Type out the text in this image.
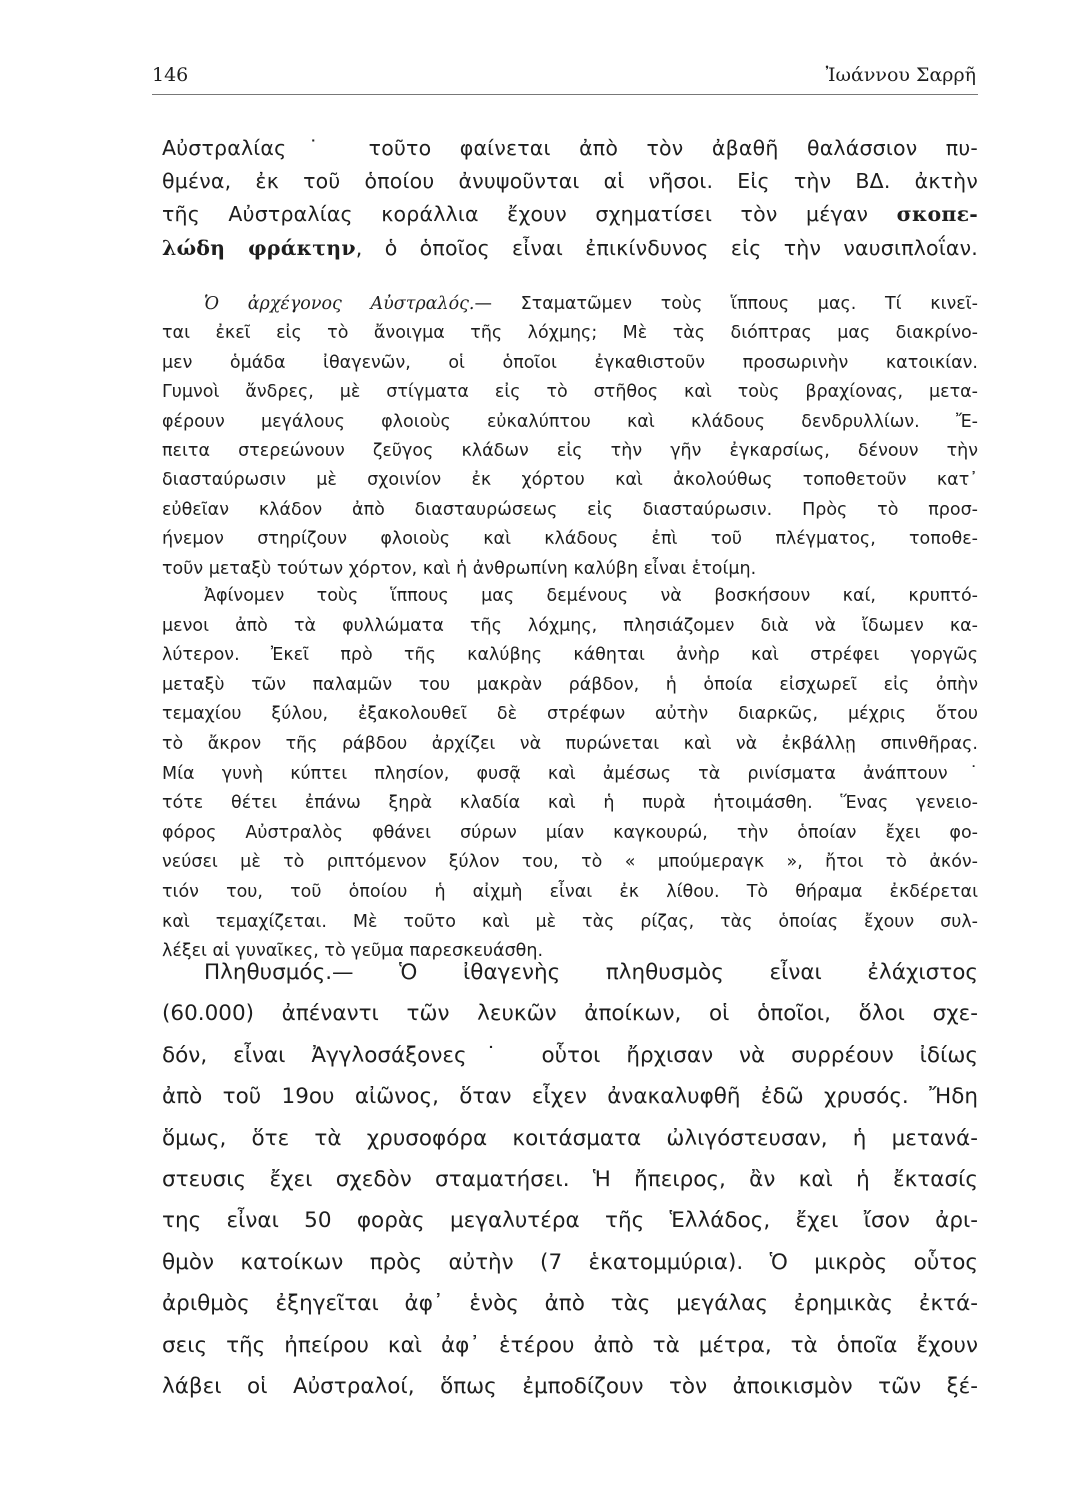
146	Ἰωάννου Σαρρῆ
Αὐστραλίας˙ τοῦτο φαίνεται ἀπὸ τὸν ἀβαθῆ θαλάσσιον πυ-
θμένα, ἐκ τοῦ ὁποίου ἀνυψοῦνται αἱ νῆσοι. Εἰς τὴν ΒΔ. ἀκτὴν
τῆς Αὐστραλίας κοράλλια ἔχουν σχηματίσει τὸν μέγαν σκοπε-
λώδη φράκτην, ὁ ὁποῖος εἶναι ἐπικίνδυνος εἰς τὴν ναυσιπλοΐαν.
Ὁ ἀρχέγονος Αὐστραλός.— Σταματῶμεν τοὺς ἵππους μας. Τί κινεῖ-
ται ἐκεῖ εἰς τὸ ἄνοιγμα τῆς λόχμης; Μὲ τὰς διόπτρας μας διακρίνο-
μεν ὁμάδα ἰθαγενῶν, οἱ ὁποῖοι ἐγκαθιστοῦν προσωρινὴν κατοικίαν.
Γυμνοὶ ἄνδρες, μὲ στίγματα εἰς τὸ στῆθος καὶ τοὺς βραχίονας, μετα-
φέρουν μεγάλους φλοιοὺς εὐκαλύπτου καὶ κλάδους δενδρυλλίων. Ἔ-
πειτα στερεώνουν ζεῦγος κλάδων εἰς τὴν γῆν ἐγκαρσίως, δένουν τὴν
διασταύρωσιν μὲ σχοινίον ἐκ χόρτου καὶ ἀκολούθως τοποθετοῦν κατ᾽
εὐθεῖαν κλάδον ἀπὸ διασταυρώσεως εἰς διασταύρωσιν. Πρὸς τὸ προσ-
ήνεμον στηρίζουν φλοιοὺς καὶ κλάδους ἐπὶ τοῦ πλέγματος, τοποθε-
τοῦν μεταξὺ τούτων χόρτον, καὶ ἡ ἀνθρωπίνη καλύβη εἶναι ἑτοίμη.
Ἀφίνομεν τοὺς ἵππους μας δεμένους νὰ βοσκήσουν καί, κρυπτό-
μενοι ἀπὸ τὰ φυλλώματα τῆς λόχμης, πλησιάζομεν διὰ νὰ ἴδωμεν κα-
λύτερον. Ἐκεῖ πρὸ τῆς καλύβης κάθηται ἀνὴρ καὶ στρέφει γοργῶς
μεταξὺ τῶν παλαμῶν του μακρὰν ράβδον, ἡ ὁποία εἰσχωρεῖ εἰς ὀπὴν
τεμαχίου ξύλου, ἐξακολουθεῖ δὲ στρέφων αὐτὴν διαρκῶς, μέχρις ὅτου
τὸ ἄκρον τῆς ράβδου ἀρχίζει νὰ πυρώνεται καὶ νὰ ἐκβάλλῃ σπινθῆρας.
Μία γυνὴ κύπτει πλησίον, φυσᾷ καὶ ἀμέσως τὰ ρινίσματα ἀνάπτουν˙
τότε θέτει ἐπάνω ξηρὰ κλαδία καὶ ἡ πυρὰ ἡτοιμάσθη. Ἕνας γενειο-
φόρος Αὐστραλὸς φθάνει σύρων μίαν καγκουρώ, τὴν ὁποίαν ἔχει φο-
νεύσει μὲ τὸ ριπτόμενον ξύλον του, τὸ « μπούμεραγκ », ἤτοι τὸ ἀκόν-
τιόν του, τοῦ ὁποίου ἡ αἰχμὴ εἶναι ἐκ λίθου. Τὸ θήραμα ἐκδέρεται
καὶ τεμαχίζεται. Μὲ τοῦτο καὶ μὲ τὰς ρίζας, τὰς ὁποίας ἔχουν συλ-
λέξει αἱ γυναῖκες, τὸ γεῦμα παρεσκευάσθη.
Πληθυσμός.— Ὁ ἰθαγενὴς πληθυσμὸς εἶναι ἐλάχιστος
(60.000) ἀπέναντι τῶν λευκῶν ἀποίκων, οἱ ὁποῖοι, ὅλοι σχε-
δόν, εἶναι Ἀγγλοσάξονες˙ οὗτοι ἤρχισαν νὰ συρρέουν ἰδίως
ἀπὸ τοῦ 19ου αἰῶνος, ὅταν εἶχεν ἀνακαλυφθῆ ἐδῶ χρυσός. Ἤδη
ὅμως, ὅτε τὰ χρυσοφόρα κοιτάσματα ὠλιγόστευσαν, ἡ μετανά-
στευσις ἔχει σχεδὸν σταματήσει. Ἡ ἤπειρος, ἂν καὶ ἡ ἔκτασίς
της εἶναι 50 φορὰς μεγαλυτέρα τῆς Ἑλλάδος, ἔχει ἴσον ἀρι-
θμὸν κατοίκων πρὸς αὐτὴν (7 ἑκατομμύρια). Ὁ μικρὸς οὗτος
ἀριθμὸς ἐξηγεῖται ἀφ᾽ ἑνὸς ἀπὸ τὰς μεγάλας ἐρημικὰς ἐκτά-
σεις τῆς ἠπείρου καὶ ἀφ᾽ ἑτέρου ἀπὸ τὰ μέτρα, τὰ ὁποῖα ἔχουν
λάβει οἱ Αὐστραλοί, ὅπως ἐμποδίζουν τὸν ἀποικισμὸν τῶν ξέ-
